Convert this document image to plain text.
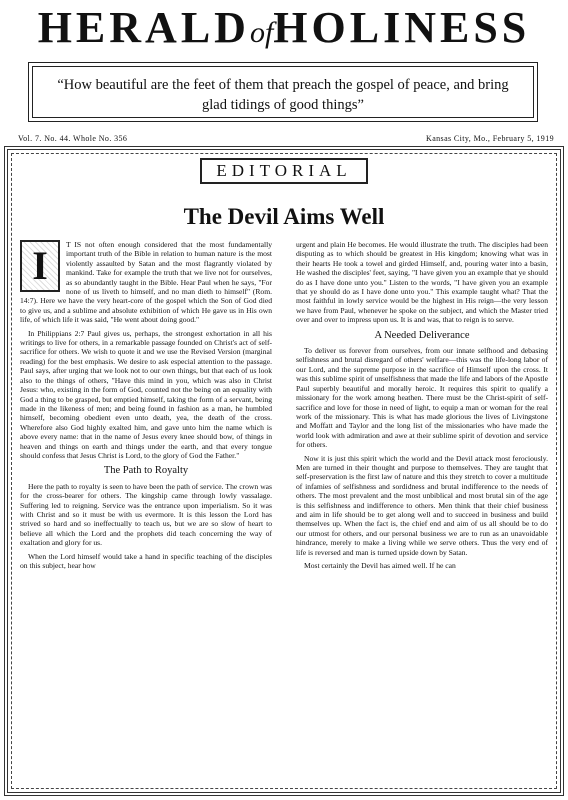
HERALDofHOLINESS
“How beautiful are the feet of them that preach the gospel of peace, and bring glad tidings of good things”
Vol. 7. No. 44. Whole No. 356	Kansas City, Mo., February 5, 1919
EDITORIAL
The Devil Aims Well
I	T IS not often enough considered that the most fundamentally important truth of the Bible in relation to human nature is the most violently assaulted by Satan and the most flagrantly violated by mankind. Take for example the truth that we live not for ourselves, as so abundantly taught in the Bible. Hear Paul when he says, "For none of us liveth to himself, and no man dieth to himself" (Rom. 14:7). Here we have the very heart-core of the gospel which the Son of God died to give us, and a sublime and absolute exhibition of which He gave us in His own life, of which life it was said, "He went about doing good."

In Philippians 2:7 Paul gives us, perhaps, the strongest exhortation in all his writings to live for others, in a remarkable passage founded on Christ's act of self-sacrifice for others. We wish to quote it and we use the Revised Version (marginal reading) for the best emphasis. We desire to ask especial attention to the passage. Paul says, after urging that we look not to our own things, but that each of us look also to the things of others, "Have this mind in you, which was also in Christ Jesus: who, existing in the form of God, counted not the being on an equality with God a thing to be grasped, but emptied himself, taking the form of a servant, being made in the likeness of men; and being found in fashion as a man, he humbled himself, becoming obedient even unto death, yea, the death of the cross. Wherefore also God highly exalted him, and gave unto him the name which is above every name: that in the name of Jesus every knee should bow, of things in heaven and things on earth and things under the earth, and that every tongue should confess that Jesus Christ is Lord, to the glory of God the Father."

The Path to Royalty

Here the path to royalty is seen to have been the path of service. The crown was for the cross-bearer for others. The kingship came through lowly vassalage. Suffering led to reigning. Service was the entrance upon imperialism. So it was with Christ and so it must be with us evermore. It is this lesson the Lord has strived so hard and so ineffectually to teach us, but we are so slow of heart to believe all which the Lord and the prophets did teach concerning the way of exaltation and glory for us.

When the Lord himself would take a hand in specific teaching of the disciples on this subject, hear how

urgent and plain He becomes. He would illustrate the truth. The disciples had been disputing as to which should be greatest in His kingdom; knowing what was in their hearts He took a towel and girded Himself, and, pouring water into a basin, He washed the disciples' feet, saying, "I have given you an example that ye should do as I have done unto you." Listen to the words, "I have given you an example that ye should do as I have done unto you." This example taught what? That the most faithful in lowly service would be the highest in His reign—the very lesson we have from Paul, whenever he spoke on the subject, and which the Master tried over and over to impress upon us. It is and was, that to reign is to serve.

A Needed Deliverance

To deliver us forever from ourselves, from our innate selfhood and debasing selfishness and brutal disregard of others' welfare—this was the life-long labor of our Lord, and the supreme purpose in the sacrifice of Himself upon the cross. It was this sublime spirit of unselfishness that made the life and labors of the Apostle Paul superbly beautiful and morally heroic. It requires this spirit to qualify a missionary for the work among heathen. There must be the Christ-spirit of self-sacrifice and love for those in need of light, to equip a man or woman for the real work of the missionary. This is what has made glorious the lives of Livingstone and Moffatt and Taylor and the long list of the missionaries who have made the world look with admiration and awe at their sublime spirit of devotion and service for others.

Now it is just this spirit which the world and the Devil attack most ferociously. Men are turned in their thought and purpose to themselves. They are taught that self-preservation is the first law of nature and this they stretch to cover a multitude of infamies of selfishness and sordidness and brutal indifference to the needs of others. The most prevalent and the most unbiblical and most brutal sin of the age is this selfishness and indifference to others. Men think that their chief business and aim in life should be to get along well and to succeed in business and build themselves up. When the fact is, the chief end and aim of us all should be to do our utmost for others, and our personal business we are to run as an unavoidable hindrance, merely to make a living while we serve others. Thus the very end of life is reversed and man is turned upside down by Satan.

Most certainly the Devil has aimed well. If he can
